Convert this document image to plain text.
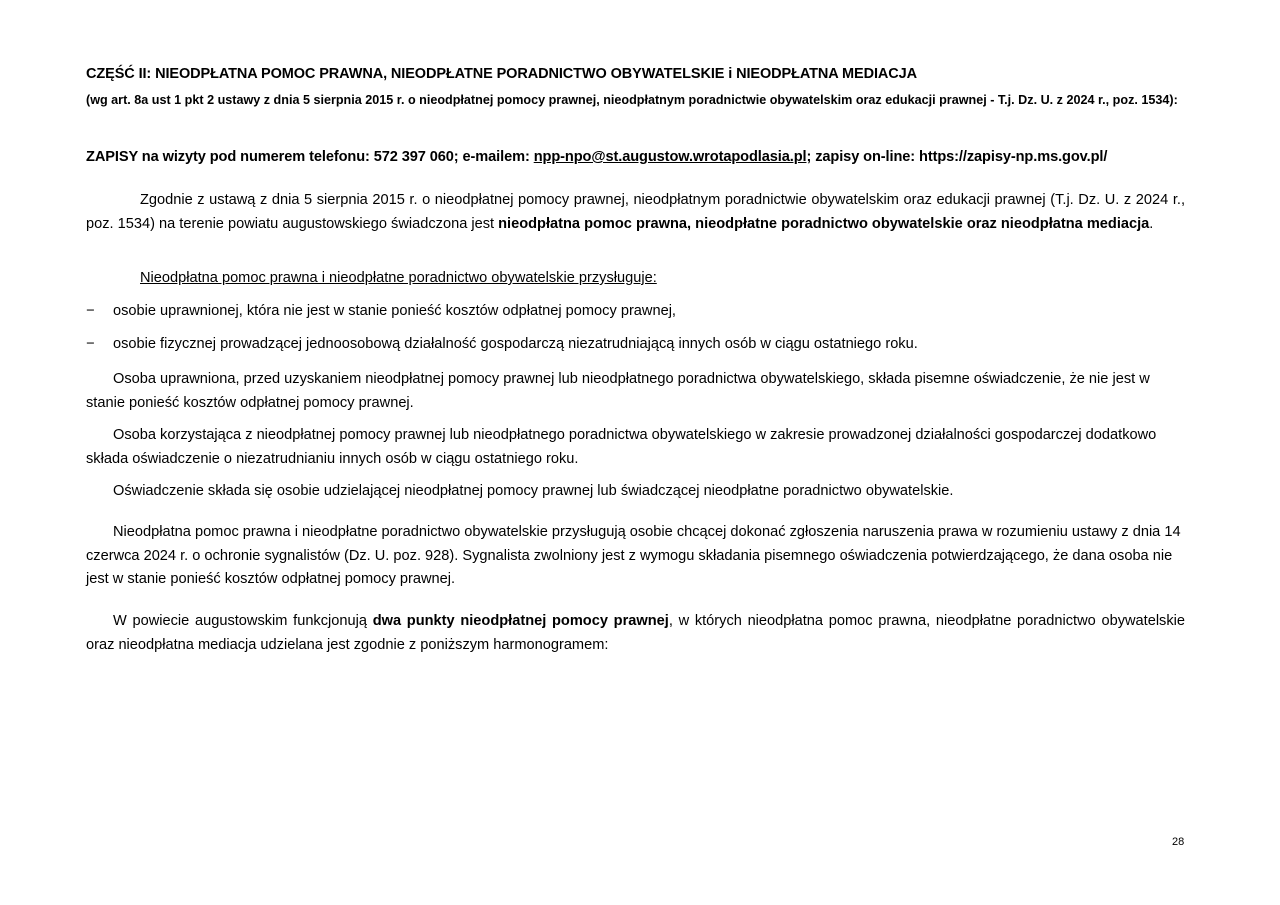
CZĘŚĆ II: NIEODPŁATNA POMOC PRAWNA, NIEODPŁATNE PORADNICTWO OBYWATELSKIE i NIEODPŁATNA MEDIACJA
(wg art. 8a ust 1 pkt 2 ustawy z dnia 5 sierpnia 2015 r. o nieodpłatnej pomocy prawnej, nieodpłatnym poradnictwie obywatelskim oraz edukacji prawnej - T.j. Dz. U. z 2024 r., poz. 1534):
ZAPISY na wizyty pod numerem telefonu: 572 397 060; e-mailem: npp-npo@st.augustow.wrotapodlasia.pl; zapisy on-line: https://zapisy-np.ms.gov.pl/
Zgodnie z ustawą z dnia 5 sierpnia 2015 r. o nieodpłatnej pomocy prawnej, nieodpłatnym poradnictwie obywatelskim oraz edukacji prawnej (T.j. Dz. U. z 2024 r., poz. 1534) na terenie powiatu augustowskiego świadczona jest nieodpłatna pomoc prawna, nieodpłatne poradnictwo obywatelskie oraz nieodpłatna mediacja.
Nieodpłatna pomoc prawna i nieodpłatne poradnictwo obywatelskie przysługuje:
− osobie uprawnionej, która nie jest w stanie ponieść kosztów odpłatnej pomocy prawnej,
− osobie fizycznej prowadzącej jednoosobową działalność gospodarczą niezatrudniającą innych osób w ciągu ostatniego roku.
Osoba uprawniona, przed uzyskaniem nieodpłatnej pomocy prawnej lub nieodpłatnego poradnictwa obywatelskiego, składa pisemne oświadczenie, że nie jest w stanie ponieść kosztów odpłatnej pomocy prawnej.
Osoba korzystająca z nieodpłatnej pomocy prawnej lub nieodpłatnego poradnictwa obywatelskiego w zakresie prowadzonej działalności gospodarczej dodatkowo składa oświadczenie o niezatrudnianiu innych osób w ciągu ostatniego roku.
Oświadczenie składa się osobie udzielającej nieodpłatnej pomocy prawnej lub świadczącej nieodpłatne poradnictwo obywatelskie.
Nieodpłatna pomoc prawna i nieodpłatne poradnictwo obywatelskie przysługują osobie chcącej dokonać zgłoszenia naruszenia prawa w rozumieniu ustawy z dnia 14 czerwca 2024 r. o ochronie sygnalistów (Dz. U. poz. 928). Sygnalista zwolniony jest z wymogu składania pisemnego oświadczenia potwierdzającego, że dana osoba nie jest w stanie ponieść kosztów odpłatnej pomocy prawnej.
W powiecie augustowskim funkcjonują dwa punkty nieodpłatnej pomocy prawnej, w których nieodpłatna pomoc prawna, nieodpłatne poradnictwo obywatelskie oraz nieodpłatna mediacja udzielana jest zgodnie z poniższym harmonogramem:
28
